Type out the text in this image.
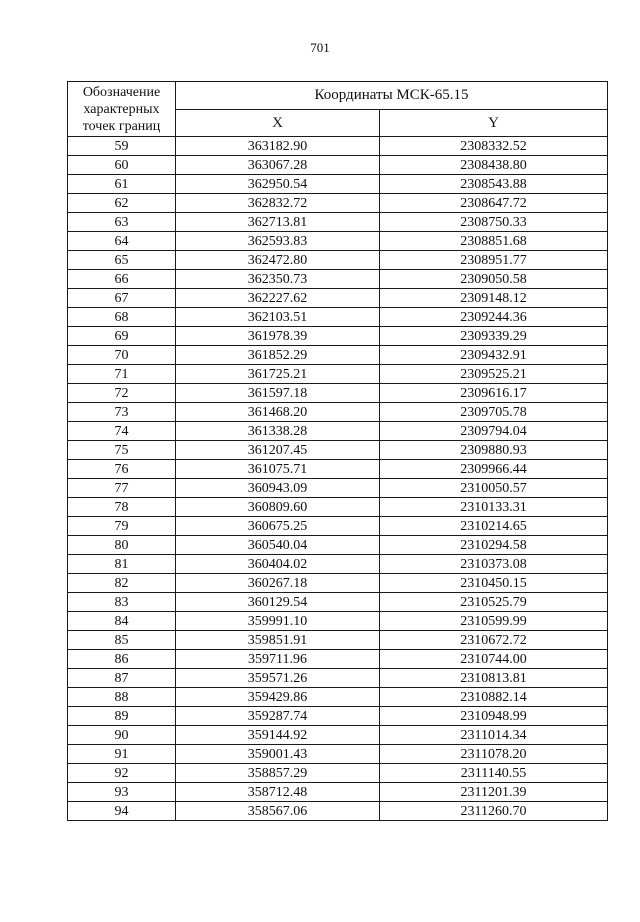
701
Обозначение характерных точек границ	Координаты МСК-65.15	
	X	Y
59	363182.90	2308332.52
60	363067.28	2308438.80
61	362950.54	2308543.88
62	362832.72	2308647.72
63	362713.81	2308750.33
64	362593.83	2308851.68
65	362472.80	2308951.77
66	362350.73	2309050.58
67	362227.62	2309148.12
68	362103.51	2309244.36
69	361978.39	2309339.29
70	361852.29	2309432.91
71	361725.21	2309525.21
72	361597.18	2309616.17
73	361468.20	2309705.78
74	361338.28	2309794.04
75	361207.45	2309880.93
76	361075.71	2309966.44
77	360943.09	2310050.57
78	360809.60	2310133.31
79	360675.25	2310214.65
80	360540.04	2310294.58
81	360404.02	2310373.08
82	360267.18	2310450.15
83	360129.54	2310525.79
84	359991.10	2310599.99
85	359851.91	2310672.72
86	359711.96	2310744.00
87	359571.26	2310813.81
88	359429.86	2310882.14
89	359287.74	2310948.99
90	359144.92	2311014.34
91	359001.43	2311078.20
92	358857.29	2311140.55
93	358712.48	2311201.39
94	358567.06	2311260.70
